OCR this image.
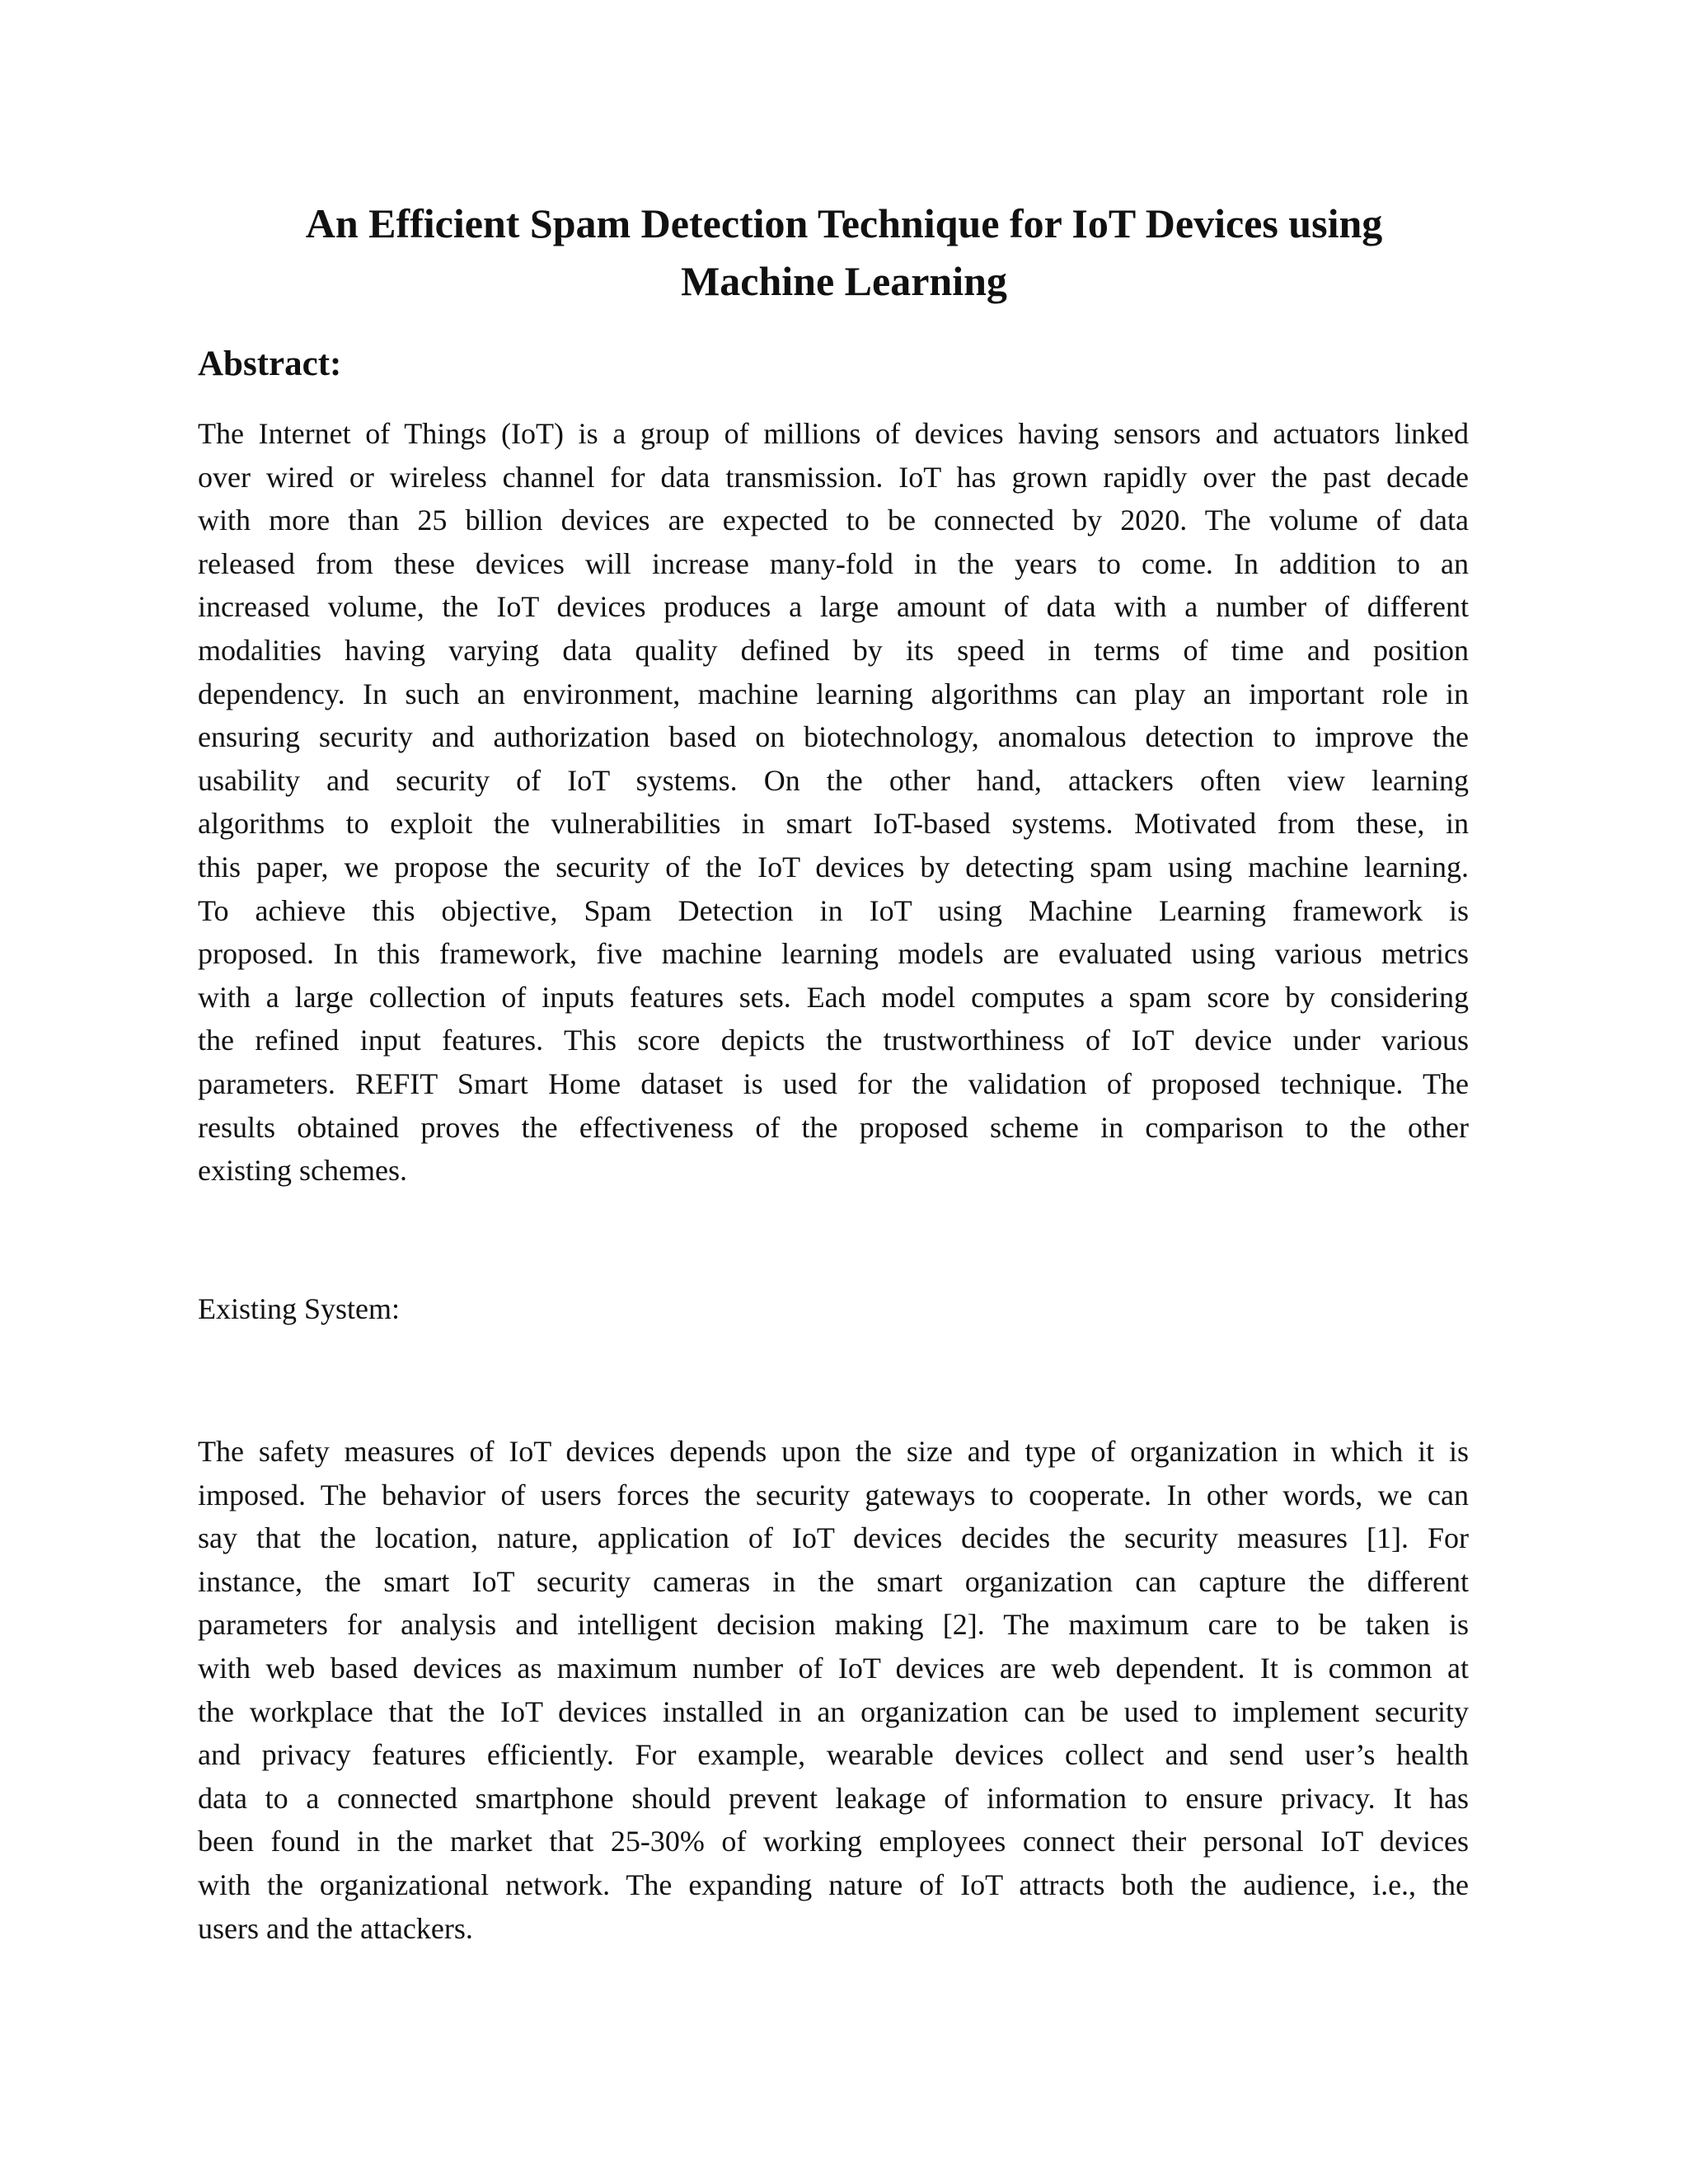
An Efficient Spam Detection Technique for IoT Devices using
Machine Learning
Abstract:

The Internet of Things (IoT) is a group of millions of devices having sensors and actuators linked
over wired or wireless channel for data transmission. IoT has grown rapidly over the past decade
with more than 25 billion devices are expected to be connected by 2020. The volume of data
released from these devices will increase many-fold in the years to come. In addition to an
increased volume, the IoT devices produces a large amount of data with a number of different
modalities having varying data quality defined by its speed in terms of time and position
dependency. In such an environment, machine learning algorithms can play an important role in
ensuring security and authorization based on biotechnology, anomalous detection to improve the
usability and security of IoT systems. On the other hand, attackers often view learning
algorithms to exploit the vulnerabilities in smart IoT-based systems. Motivated from these, in
this paper, we propose the security of the IoT devices by detecting spam using machine learning.
To achieve this objective, Spam Detection in IoT using Machine Learning framework is
proposed. In this framework, five machine learning models are evaluated using various metrics
with a large collection of inputs features sets. Each model computes a spam score by considering
the refined input features. This score depicts the trustworthiness of IoT device under various
parameters. REFIT Smart Home dataset is used for the validation of proposed technique. The
results obtained proves the effectiveness of the proposed scheme in comparison to the other
existing schemes.

Existing System:

The safety measures of IoT devices depends upon the size and type of organization in which it is
imposed. The behavior of users forces the security gateways to cooperate. In other words, we can
say that the location, nature, application of IoT devices decides the security measures [1]. For
instance, the smart IoT security cameras in the smart organization can capture the different
parameters for analysis and intelligent decision making [2]. The maximum care to be taken is
with web based devices as maximum number of IoT devices are web dependent. It is common at
the workplace that the IoT devices installed in an organization can be used to implement security
and privacy features efficiently. For example, wearable devices collect and send user’s health
data to a connected smartphone should prevent leakage of information to ensure privacy. It has
been found in the market that 25-30% of working employees connect their personal IoT devices
with the organizational network. The expanding nature of IoT attracts both the audience, i.e., the
users and the attackers.
